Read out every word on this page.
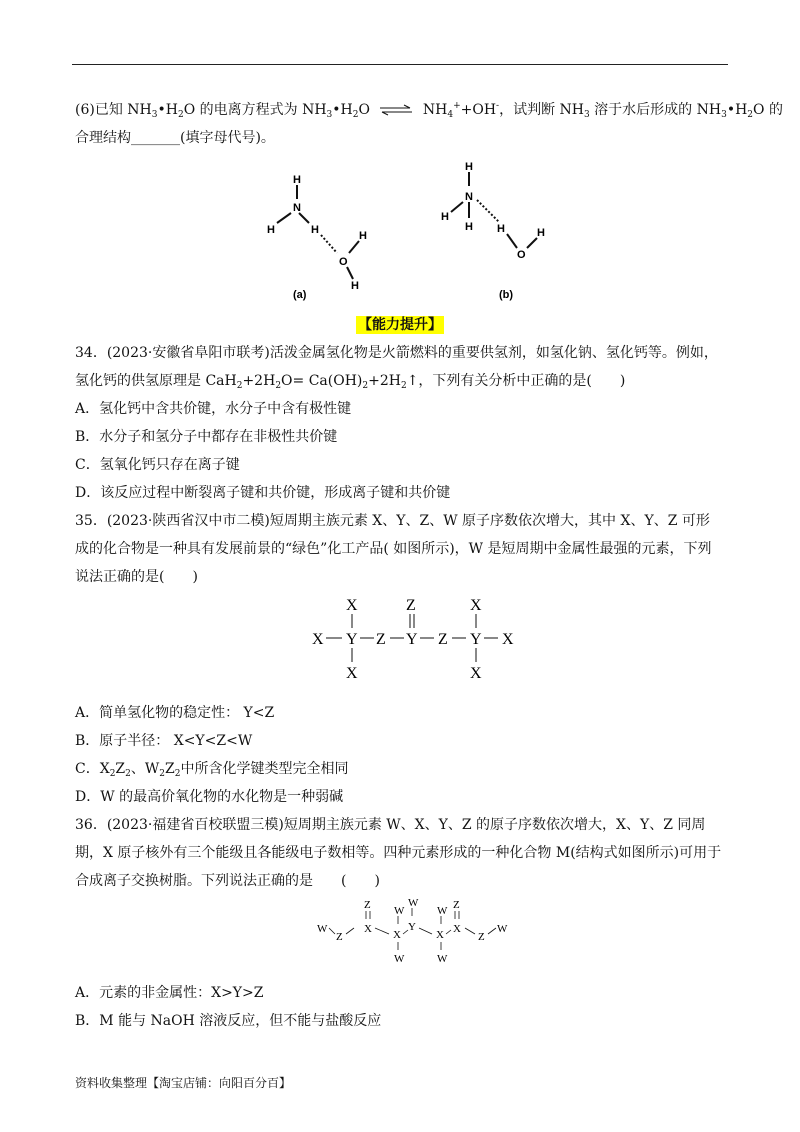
(6)已知 $NH_3•H_2O$ 的电离方程式为 $NH_3•H_2O$ ⇌ $NH_4^++OH^-$，试判断 $NH_3$ 溶于水后形成的 $NH_3•H_2O$ 的
合理结构_______(填字母代号)。
H
N
H	H
O
H
H
(a)
H
N
H
H H
O
H
(b)
【能力提升】
34．(2023·安徽省阜阳市联考)活泼金属氢化物是火箭燃料的重要供氢剂，如氢化钠、氢化钙等。例如，
氢化钙的供氢原理是 $CaH_2+2H_2O=$ $Ca(OH)_2+2H_2↑$，下列有关分析中正确的是(　　)
A．氢化钙中含共价键，水分子中含有极性键
B．水分子和氢分子中都存在非极性共价键
C．氢氧化钙只存在离子键
D．该反应过程中断裂离子键和共价键，形成离子键和共价键
35．(2023·陕西省汉中市二模)短周期主族元素 X、Y、Z、W 原子序数依次增大，其中 X、Y、Z 可形
成的化合物是一种具有发展前景的“绿色”化工产品( 如图所示)，W 是短周期中金属性最强的元素，下列
说法正确的是(　　)
X	Z	X
X Y Z Y Z Y X
X	X
A．简单氢化物的稳定性： Y<Z
B．原子半径： X<Y<Z<W
C．$X_2Z_2$、$W_2Z_2$中所含化学键类型完全相同
D．W 的最高价氧化物的水化物是一种弱碱
36．(2023·福建省百校联盟三模)短周期主族元素 W、X、Y、Z 的原子序数依次增大，X、Y、Z 同周
期，X 原子核外有三个能级且各能级电子数相等。四种元素形成的一种化合物 M(结构式如图所示)可用于
合成离子交换树脂。下列说法正确的是　　(　　)
Z W
W
W Z
W
Z
X X
Y
X X
Z
W
W	W
A．元素的非金属性：X>Y>Z
B．M 能与 NaOH 溶液反应，但不能与盐酸反应
资料收集整理【淘宝店铺：向阳百分百】
